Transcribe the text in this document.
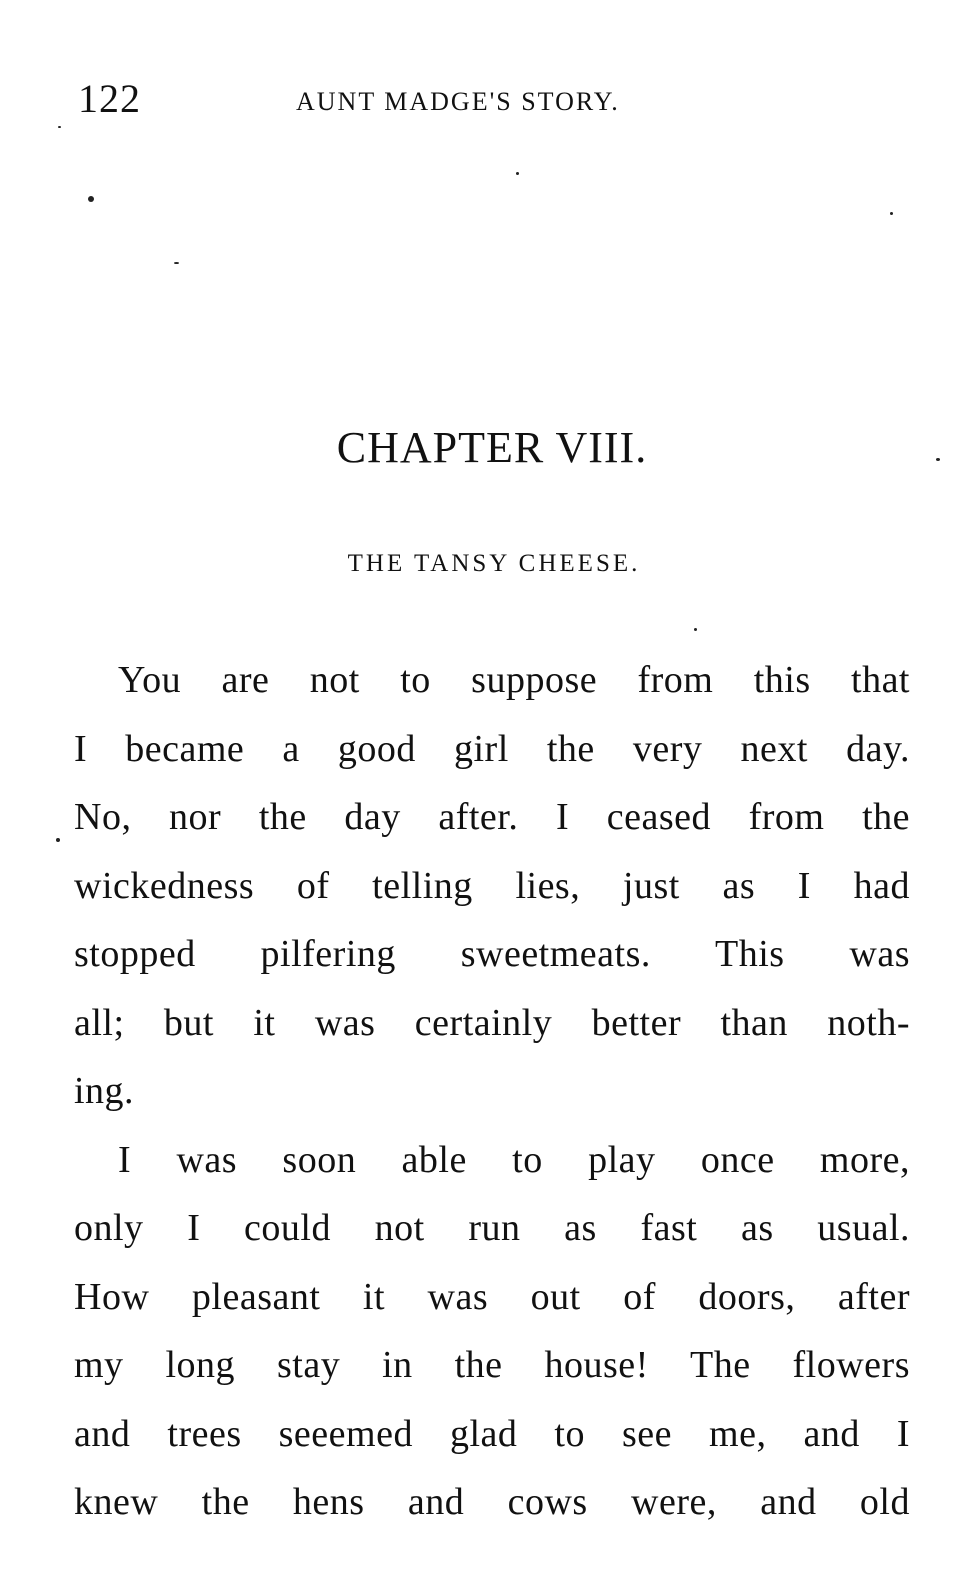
122	AUNT MADGE'S STORY.
CHAPTER VIII.
THE TANSY CHEESE.
You are not to suppose from this that
I became a good girl the very next day.
No, nor the day after. I ceased from the
wickedness of telling lies, just as I had
stopped pilfering sweetmeats. This was
all; but it was certainly better than noth-
ing.
I was soon able to play once more,
only I could not run as fast as usual.
How pleasant it was out of doors, after
my long stay in the house! The flowers
and trees seeemed glad to see me, and I
knew the hens and cows were, and old
